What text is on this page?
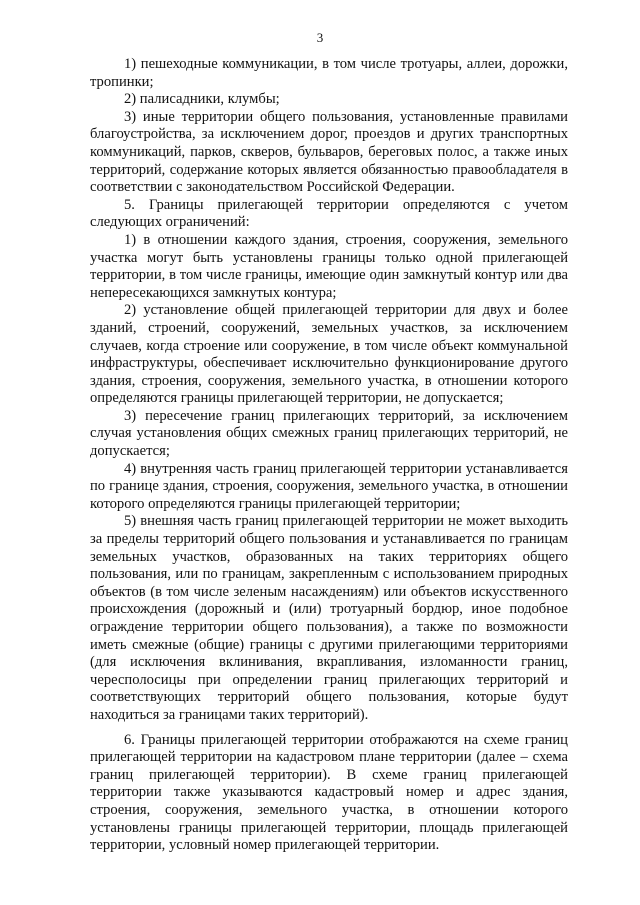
3

1) пешеходные коммуникации, в том числе тротуары, аллеи, дорожки, тропинки;

2) палисадники, клумбы;

3) иные территории общего пользования, установленные правилами благоустройства, за исключением дорог, проездов и других транспортных коммуникаций, парков, скверов, бульваров, береговых полос, а также иных территорий, содержание которых является обязанностью правообладателя в соответствии с законодательством Российской Федерации.

5. Границы прилегающей территории определяются с учетом следующих ограничений:

1) в отношении каждого здания, строения, сооружения, земельного участка могут быть установлены границы только одной прилегающей территории, в том числе границы, имеющие один замкнутый контур или два непересекающихся замкнутых контура;

2) установление общей прилегающей территории для двух и более зданий, строений, сооружений, земельных участков, за исключением случаев, когда строение или сооружение, в том числе объект коммунальной инфраструктуры, обеспечивает исключительно функционирование другого здания, строения, сооружения, земельного участка, в отношении которого определяются границы прилегающей территории, не допускается;

3) пересечение границ прилегающих территорий, за исключением случая установления общих смежных границ прилегающих территорий, не допускается;

4) внутренняя часть границ прилегающей территории устанавливается по границе здания, строения, сооружения, земельного участка, в отношении которого определяются границы прилегающей территории;

5) внешняя часть границ прилегающей территории не может выходить за пределы территорий общего пользования и устанавливается по границам земельных участков, образованных на таких территориях общего пользования, или по границам, закрепленным с использованием природных объектов (в том числе зеленым насаждениям) или объектов искусственного происхождения (дорожный и (или) тротуарный бордюр, иное подобное ограждение территории общего пользования), а также по возможности иметь смежные (общие) границы с другими прилегающими территориями (для исключения вклинивания, вкрапливания, изломанности границ, чересполосицы при определении границ прилегающих территорий и соответствующих территорий общего пользования, которые будут находиться за границами таких территорий).

6. Границы прилегающей территории отображаются на схеме границ прилегающей территории на кадастровом плане территории (далее – схема границ прилегающей территории). В схеме границ прилегающей территории также указываются кадастровый номер и адрес здания, строения, сооружения, земельного участка, в отношении которого установлены границы прилегающей территории, площадь прилегающей территории, условный номер прилегающей территории.
